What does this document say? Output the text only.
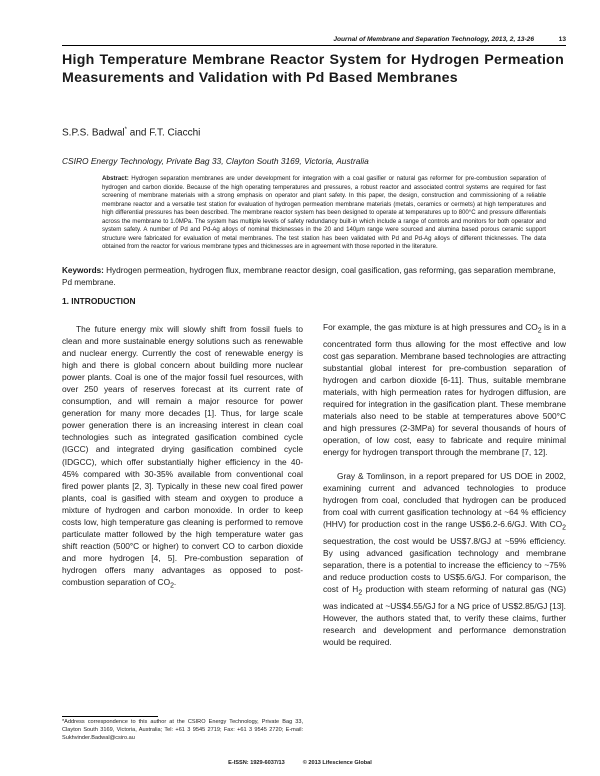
Journal of Membrane and Separation Technology, 2013, 2, 13-26	13
High Temperature Membrane Reactor System for Hydrogen Permeation Measurements and Validation with Pd Based Membranes
S.P.S. Badwal* and F.T. Ciacchi
CSIRO Energy Technology, Private Bag 33, Clayton South 3169, Victoria, Australia
Abstract: Hydrogen separation membranes are under development for integration with a coal gasifier or natural gas reformer for pre-combustion separation of hydrogen and carbon dioxide. Because of the high operating temperatures and pressures, a robust reactor and associated control systems are required for fast screening of membrane materials with a strong emphasis on operator and plant safety. In this paper, the design, construction and commissioning of a reliable membrane reactor and a versatile test station for evaluation of hydrogen permeation membrane materials (metals, ceramics or cermets) at high temperatures and high differential pressures has been described. The membrane reactor system has been designed to operate at temperatures up to 800°C and pressure differentials across the membrane to 1.0MPa. The system has multiple levels of safety redundancy built-in which include a range of controls and monitors for both operator and system safety. A number of Pd and Pd-Ag alloys of nominal thicknesses in the 20 and 140µm range were sourced and alumina based porous ceramic support structure were fabricated for evaluation of metal membranes. The test station has been validated with Pd and Pd-Ag alloys of different thicknesses. The data obtained from the reactor for various membrane types and thicknesses are in agreement with those reported in the literature.
Keywords: Hydrogen permeation, hydrogen flux, membrane reactor design, coal gasification, gas reforming, gas separation membrane, Pd membrane.
1. INTRODUCTION

The future energy mix will slowly shift from fossil fuels to clean and more sustainable energy solutions such as renewable and nuclear energy. Currently the cost of renewable energy is high and there is global concern about building more nuclear power plants. Coal is one of the major fossil fuel resources, with over 250 years of reserves forecast at its current rate of consumption, and will remain a major resource for power generation for many more decades [1]. Thus, for large scale power generation there is an increasing interest in clean coal technologies such as integrated gasification combined cycle (IGCC) and integrated drying gasification combined cycle (IDGCC), which offer substantially higher efficiency in the 40-45% compared with 30-35% available from conventional coal fired power plants [2, 3]. Typically in these new coal fired power plants, coal is gasified with steam and oxygen to produce a mixture of hydrogen and carbon monoxide. In order to keep costs low, high temperature gas cleaning is performed to remove particulate matter followed by the high temperature water gas shift reaction (500°C or higher) to convert CO to carbon dioxide and more hydrogen [4, 5]. Pre-combustion separation of hydrogen offers many advantages as opposed to post-combustion separation of $CO_2$.

For example, the gas mixture is at high pressures and $CO_2$ is in a concentrated form thus allowing for the most effective and low cost gas separation. Membrane based technologies are attracting substantial global interest for pre-combustion separation of hydrogen and carbon dioxide [6-11]. Thus, suitable membrane materials, with high permeation rates for hydrogen diffusion, are required for integration in the gasification plant. These membrane materials also need to be stable at temperatures above 500°C and high pressures (2-3MPa) for several thousands of hours of operation, of low cost, easy to fabricate and require minimal energy for hydrogen transport through the membrane [7, 12].

Gray & Tomlinson, in a report prepared for US DOE in 2002, examining current and advanced technologies to produce hydrogen from coal, concluded that hydrogen can be produced from coal with current gasification technology at ~64 % efficiency (HHV) for production cost in the range US$6.2-6.6/GJ. With $CO_2$ sequestration, the cost would be US$7.8/GJ at ~59% efficiency. By using advanced gasification technology and membrane separation, there is a potential to increase the efficiency to ~75% and reduce production costs to US$5.6/GJ. For comparison, the cost of $H_2$ production with steam reforming of natural gas (NG) was indicated at ~US$4.55/GJ for a NG price of US$2.85/GJ [13]. However, the authors stated that, to verify these claims, further research and development and performance demonstration would be required.

*Address correspondence to this author at the CSIRO Energy Technology, Private Bag 33, Clayton South 3169, Victoria, Australia; Tel: +61 3 9545 2719; Fax: +61 3 9545 2720; E-mail: Sukhvinder.Badwal@csiro.au
E-ISSN: 1929-6037/13	© 2013 Lifescience Global
